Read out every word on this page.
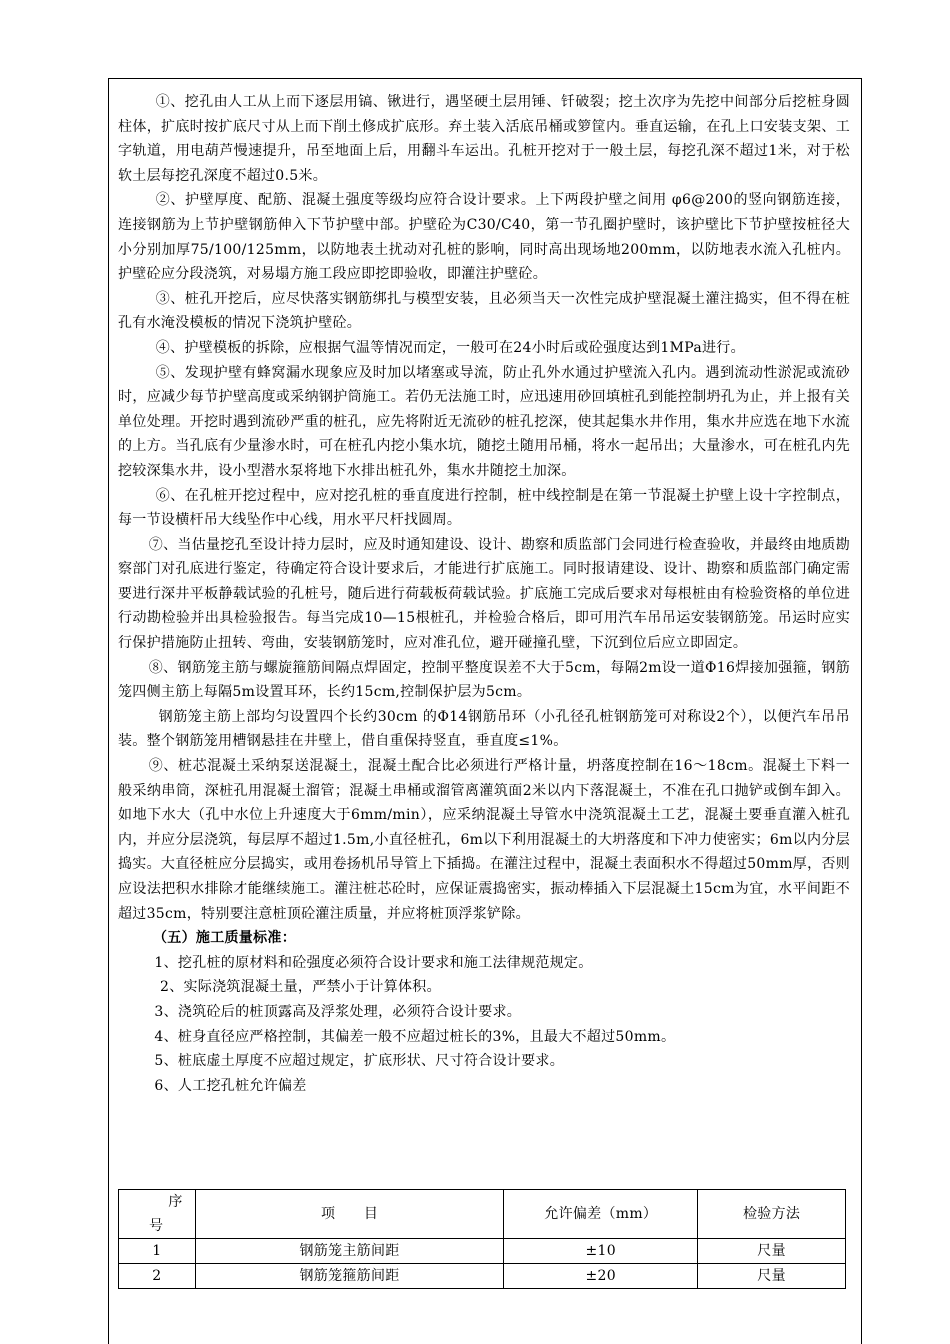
①、挖孔由人工从上而下逐层用镐、锹进行，遇坚硬土层用锤、钎破裂；挖土次序为先挖中间部分后挖桩身圆柱体，扩底时按扩底尺寸从上而下削土修成扩底形。弃土装入活底吊桶或箩筐内。垂直运输，在孔上口安装支架、工字轨道，用电葫芦慢速提升，吊至地面上后，用翻斗车运出。孔桩开挖对于一般土层，每挖孔深不超过1米，对于松软土层每挖孔深度不超过0.5米。

②、护壁厚度、配筋、混凝土强度等级均应符合设计要求。上下两段护壁之间用 φ6@200的竖向钢筋连接，连接钢筋为上节护壁钢筋伸入下节护壁中部。护壁砼为C30/C40，第一节孔圈护壁时，该护壁比下节护壁按桩径大小分别加厚75/100/125mm，以防地表土扰动对孔桩的影响，同时高出现场地200mm，以防地表水流入孔桩内。护壁砼应分段浇筑，对易塌方施工段应即挖即验收，即灌注护壁砼。

③、桩孔开挖后，应尽快落实钢筋绑扎与模型安装，且必须当天一次性完成护壁混凝土灌注捣实，但不得在桩孔有水淹没模板的情况下浇筑护壁砼。

④、护壁模板的拆除，应根据气温等情况而定，一般可在24小时后或砼强度达到1MPa进行。

⑤、发现护壁有蜂窝漏水现象应及时加以堵塞或导流，防止孔外水通过护壁流入孔内。遇到流动性淤泥或流砂时，应减少每节护壁高度或采纳钢护筒施工。若仍无法施工时，应迅速用砂回填桩孔到能控制坍孔为止，并上报有关单位处理。开挖时遇到流砂严重的桩孔，应先将附近无流砂的桩孔挖深，使其起集水井作用，集水井应选在地下水流的上方。当孔底有少量渗水时，可在桩孔内挖小集水坑，随挖土随用吊桶，将水一起吊出；大量渗水，可在桩孔内先挖较深集水井，设小型潜水泵将地下水排出桩孔外，集水井随挖土加深。

⑥、在孔桩开挖过程中，应对挖孔桩的垂直度进行控制，桩中线控制是在第一节混凝土护壁上设十字控制点，每一节设横杆吊大线坠作中心线，用水平尺杆找圆周。

⑦、当估量挖孔至设计持力层时，应及时通知建设、设计、勘察和质监部门会同进行检查验收，并最终由地质勘察部门对孔底进行鉴定，待确定符合设计要求后，才能进行扩底施工。同时报请建设、设计、勘察和质监部门确定需要进行深井平板静载试验的孔桩号，随后进行荷载板荷载试验。扩底施工完成后要求对每根桩由有检验资格的单位进行动勘检验并出具检验报告。每当完成10—15根桩孔，并检验合格后，即可用汽车吊吊运安装钢筋笼。吊运时应实行保护措施防止扭转、弯曲，安装钢筋笼时，应对准孔位，避开碰撞孔壁，下沉到位后应立即固定。

⑧、钢筋笼主筋与螺旋箍筋间隔点焊固定，控制平整度误差不大于5cm，每隔2m设一道Φ16焊接加强箍，钢筋笼四侧主筋上每隔5m设置耳环，长约15cm,控制保护层为5cm。

钢筋笼主筋上部均匀设置四个长约30cm 的Φ14钢筋吊环（小孔径孔桩钢筋笼可对称设2个），以便汽车吊吊装。整个钢筋笼用槽钢悬挂在井壁上，借自重保持竖直，垂直度≤1%。

⑨、桩芯混凝土采纳泵送混凝土，混凝土配合比必须进行严格计量，坍落度控制在16～18cm。混凝土下料一般采纳串筒，深桩孔用混凝土溜管；混凝土串桶或溜管离灌筑面2米以内下落混凝土，不准在孔口抛铲或倒车卸入。如地下水大（孔中水位上升速度大于6mm/min），应采纳混凝土导管水中浇筑混凝土工艺，混凝土要垂直灌入桩孔内，并应分层浇筑，每层厚不超过1.5m,小直径桩孔，6m以下利用混凝土的大坍落度和下冲力使密实；6m以内分层捣实。大直径桩应分层捣实，或用卷扬机吊导管上下插捣。在灌注过程中，混凝土表面积水不得超过50mm厚，否则应设法把积水排除才能继续施工。灌注桩芯砼时，应保证震捣密实，振动棒插入下层混凝土15cm为宜，水平间距不超过35cm，特别要注意桩顶砼灌注质量，并应将桩顶浮浆铲除。

（五）施工质量标准：

1、挖孔桩的原材料和砼强度必须符合设计要求和施工法律规范规定。

2、实际浇筑混凝土量，严禁小于计算体积。

3、浇筑砼后的桩顶露高及浮浆处理，必须符合设计要求。

4、桩身直径应严格控制，其偏差一般不应超过桩长的3%，且最大不超过50mm。

5、桩底虚土厚度不应超过规定，扩底形状、尺寸符合设计要求。

6、人工挖孔桩允许偏差

序
号	项　　目	允许偏差（mm）	检验方法
1	钢筋笼主筋间距	±10	尺量
2	钢筋笼箍筋间距	±20	尺量
